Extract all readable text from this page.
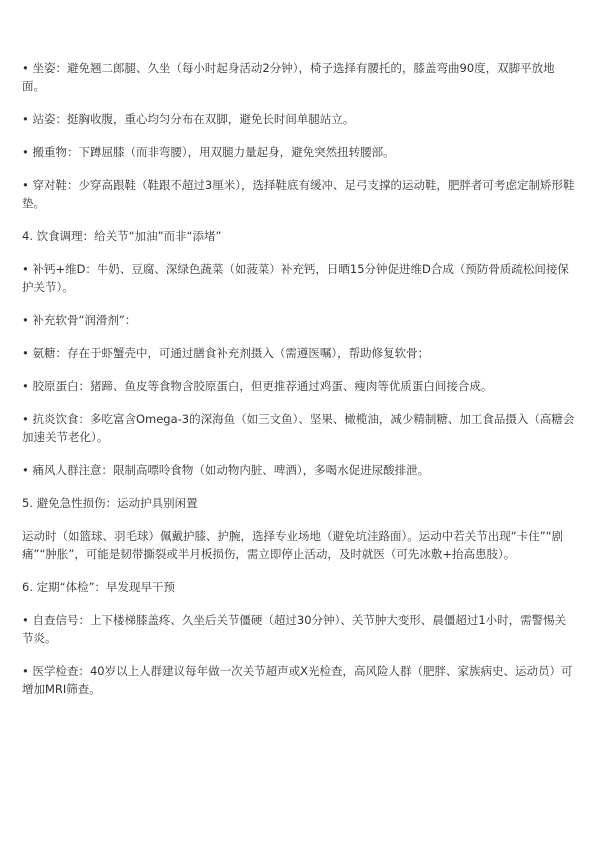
• 坐姿：避免翘二郎腿、久坐（每小时起身活动2分钟），椅子选择有腰托的，膝盖弯曲90度，双脚平放地面。

• 站姿：挺胸收腹，重心均匀分布在双脚，避免长时间单腿站立。

• 搬重物：下蹲屈膝（而非弯腰），用双腿力量起身，避免突然扭转腰部。

• 穿对鞋：少穿高跟鞋（鞋跟不超过3厘米），选择鞋底有缓冲、足弓支撑的运动鞋，肥胖者可考虑定制矫形鞋垫。

4. 饮食调理：给关节“加油”而非“添堵”

• 补钙+维D：牛奶、豆腐、深绿色蔬菜（如菠菜）补充钙，日晒15分钟促进维D合成（预防骨质疏松间接保护关节）。

• 补充软骨“润滑剂”：

• 氨糖：存在于虾蟹壳中，可通过膳食补充剂摄入（需遵医嘱），帮助修复软骨；

• 胶原蛋白：猪蹄、鱼皮等食物含胶原蛋白，但更推荐通过鸡蛋、瘦肉等优质蛋白间接合成。

• 抗炎饮食：多吃富含Omega-3的深海鱼（如三文鱼）、坚果、橄榄油，减少精制糖、加工食品摄入（高糖会加速关节老化）。

• 痛风人群注意：限制高嘌呤食物（如动物内脏、啤酒），多喝水促进尿酸排泄。

5. 避免急性损伤：运动护具别闲置

运动时（如篮球、羽毛球）佩戴护膝、护腕，选择专业场地（避免坑洼路面）。运动中若关节出现“卡住”“剧痛”“肿胀”，可能是韧带撕裂或半月板损伤，需立即停止活动，及时就医（可先冰敷+抬高患肢）。

6. 定期“体检”：早发现早干预

• 自查信号：上下楼梯膝盖疼、久坐后关节僵硬（超过30分钟）、关节肿大变形、晨僵超过1小时，需警惕关节炎。

• 医学检查：40岁以上人群建议每年做一次关节超声或X光检查，高风险人群（肥胖、家族病史、运动员）可增加MRI筛查。
